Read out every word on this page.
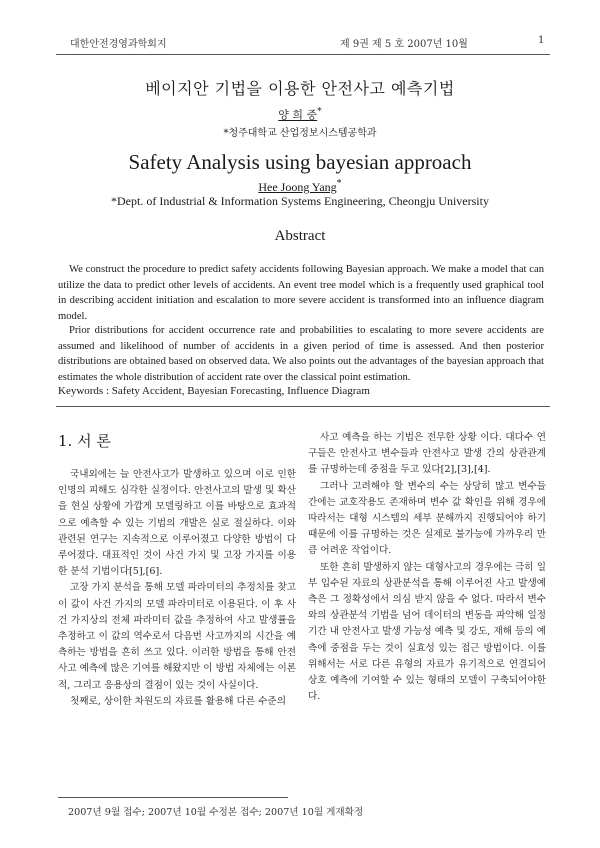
대한안전경영과학회지	제 9권 제 5 호 2007년 10월	1
베이지안 기법을 이용한 안전사고 예측기법
양 희 중*
*청주대학교 산업정보시스템공학과
Safety Analysis using bayesian approach
Hee Joong Yang*
*Dept. of Industrial & Information Systems Engineering, Cheongju University
Abstract
We construct the procedure to predict safety accidents following Bayesian approach. We make a model that can utilize the data to predict other levels of accidents. An event tree model which is a frequently used graphical tool in describing accident initiation and escalation to more severe accident is transformed into an influence diagram model.
Prior distributions for accident occurrence rate and probabilities to escalating to more severe accidents are assumed and likelihood of number of accidents in a given period of time is assessed. And then posterior distributions are obtained based on observed data. We also points out the advantages of the bayesian approach that estimates the whole distribution of accident rate over the classical point estimation.
Keywords : Safety Accident, Bayesian Forecasting, Influence Diagram
1. 서 론

국내외에는 늘 안전사고가 발생하고 있으며 이로 인한 인명의 피해도 심각한 실정이다. 안전사고의 발생 및 확산을 현실 상황에 가깝게 모델링하고 이를 바탕으로 효과적으로 예측할 수 있는 기법의 개발은 실로 절실하다. 이와 관련된 연구는 지속적으로 이루어졌고 다양한 방법이 다루어졌다. 대표적인 것이 사건 가지 및 고장 가지를 이용한 분석 기법이다[5],[6].

고장 가지 분석을 통해 모델 파라미터의 추정치를 찾고 이 값이 사건 가지의 모델 파라미터로 이용된다. 이 후 사건 가지상의 전체 파라미터 값을 추정하여 사고 발생률을 추정하고 이 값의 역수로서 다음번 사고까지의 시간을 예측하는 방법을 흔히 쓰고 있다. 이러한 방법을 통해 안전사고 예측에 많은 기여를 해왔지만 이 방법 자체에는 이론적, 그리고 응용상의 결점이 있는 것이 사실이다.

첫째로, 상이한 차원도의 자료를 활용해 다른 수준의

사고 예측을 하는 기법은 전무한 상황 이다. 대다수 연구들은 안전사고 변수들과 안전사고 발생 간의 상관관계를 규명하는데 중점을 두고 있다[2],[3],[4].

그러나 고려해야 할 변수의 수는 상당히 많고 변수들 간에는 교호작용도 존재하며 변수 값 확인을 위해 경우에 따라서는 대형 시스템의 세부 분해까지 진행되어야 하기 때문에 이를 규명하는 것은 실제로 불가능에 가까우리 만큼 어려운 작업이다.

또한 흔히 발생하지 않는 대형사고의 경우에는 극히 일부 입수된 자료의 상관분석을 통해 이루어진 사고 발생예측은 그 정확성에서 의심 받지 않을 수 없다. 따라서 변수와의 상관분석 기법을 넘어 데이터의 변동을 파악해 일정기간 내 안전사고 발생 가능성 예측 및 강도, 재해 등의 예측에 중점을 두는 것이 실효성 있는 접근 방법이다. 이를 위해서는 서로 다른 유형의 자료가 유기적으로 연결되어 상호 예측에 기여할 수 있는 형태의 모델이 구축되어야한다.

2007년 9월 접수; 2007년 10월 수정본 접수; 2007년 10월 게재확정
